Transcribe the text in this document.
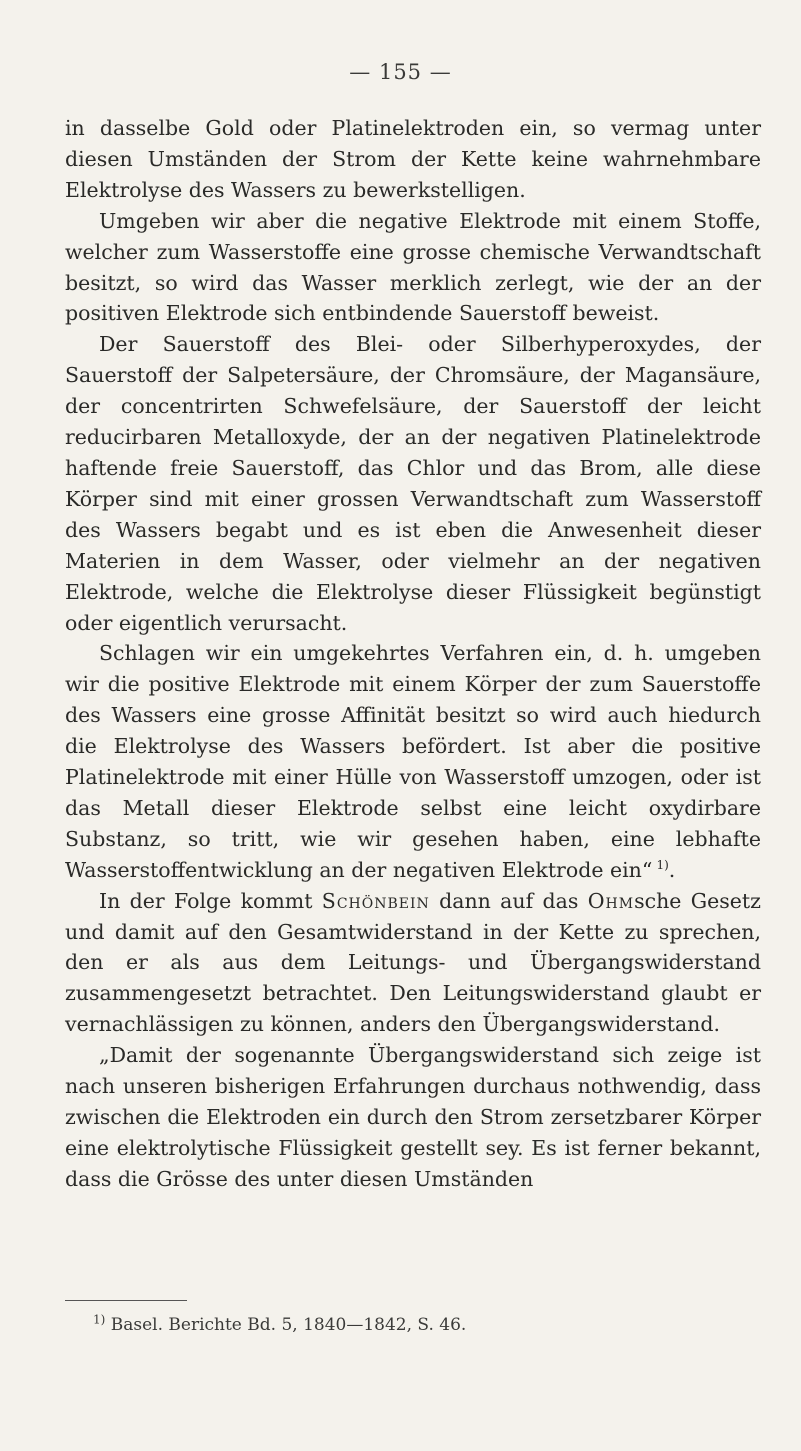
— 155 —

in dasselbe Gold oder Platinelektroden ein, so vermag unter diesen Umständen der Strom der Kette keine wahrnehmbare Elektrolyse des Wassers zu bewerkstelligen.

Umgeben wir aber die negative Elektrode mit einem Stoffe, welcher zum Wasserstoffe eine grosse chemische Verwandtschaft besitzt, so wird das Wasser merklich zerlegt, wie der an der positiven Elektrode sich entbindende Sauerstoff beweist.

Der Sauerstoff des Blei- oder Silberhyperoxydes, der Sauerstoff der Salpetersäure, der Chromsäure, der Magansäure, der concentrirten Schwefelsäure, der Sauerstoff der leicht reducirbaren Metalloxyde, der an der negativen Platinelektrode haftende freie Sauerstoff, das Chlor und das Brom, alle diese Körper sind mit einer grossen Verwandtschaft zum Wasserstoff des Wassers begabt und es ist eben die Anwesenheit dieser Materien in dem Wasser, oder vielmehr an der negativen Elektrode, welche die Elektrolyse dieser Flüssigkeit begünstigt oder eigentlich verursacht.

Schlagen wir ein umgekehrtes Verfahren ein, d. h. umgeben wir die positive Elektrode mit einem Körper der zum Sauerstoffe des Wassers eine grosse Affinität besitzt so wird auch hiedurch die Elektrolyse des Wassers befördert. Ist aber die positive Platinelektrode mit einer Hülle von Wasserstoff umzogen, oder ist das Metall dieser Elektrode selbst eine leicht oxydirbare Substanz, so tritt, wie wir gesehen haben, eine lebhafte Wasserstoffentwicklung an der negativen Elektrode ein“  $^{1)}$.

In der Folge kommt Schönbein dann auf das Ohmsche Gesetz und damit auf den Gesamtwiderstand in der Kette zu sprechen, den er als aus dem Leitungs- und Übergangswiderstand zusammengesetzt betrachtet. Den Leitungswiderstand glaubt er vernachlässigen zu können, anders den Übergangswiderstand.

„Damit der sogenannte Übergangswiderstand sich zeige ist nach unseren bisherigen Erfahrungen durchaus nothwendig, dass zwischen die Elektroden ein durch den Strom zersetzbarer Körper eine elektrolytische Flüssigkeit gestellt sey. Es ist ferner bekannt, dass die Grösse des unter diesen Umständen

$^{1)}$ Basel. Berichte Bd. 5, 1840—1842, S. 46.
